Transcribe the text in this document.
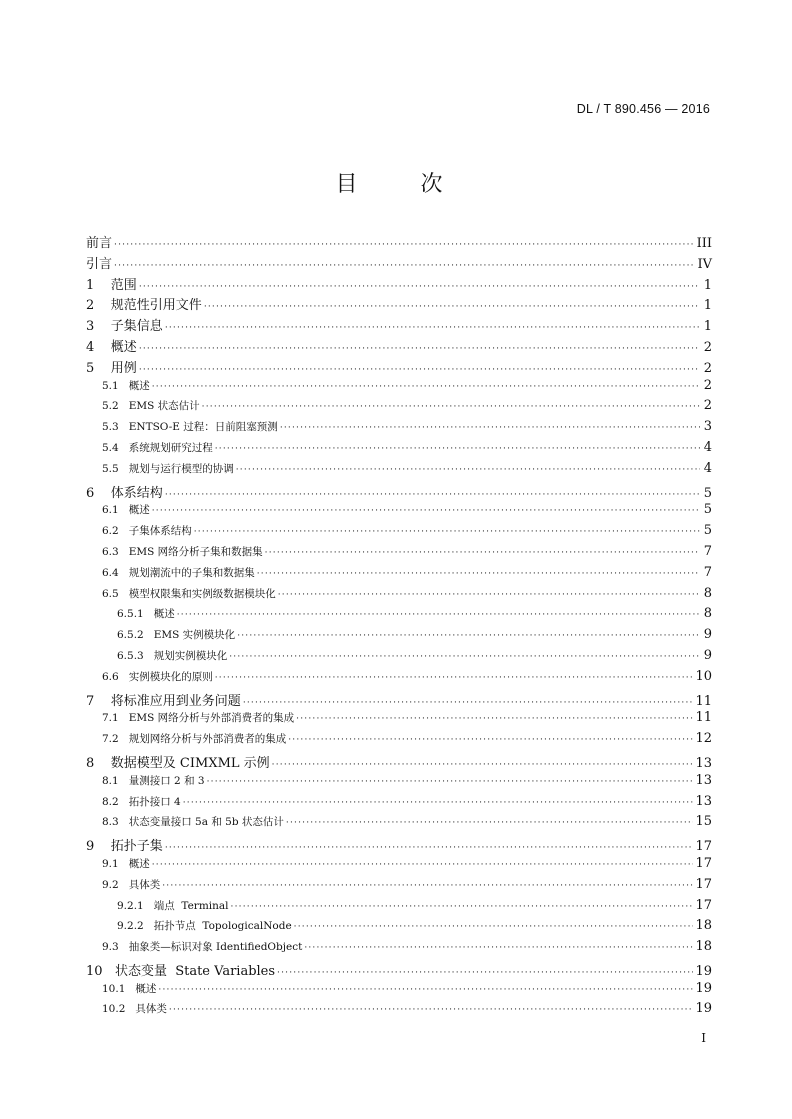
DL / T 890.456 — 2016
目 次
前言 ·····	III
引言 ·····	IV
1    范围 ·····	1
2    规范性引用文件 ·····	1
3    子集信息 ·····	1
4    概述 ·····	2
5    用例 ·····	2
5.1   概述 ·····	2
5.2   EMS 状态估计 ·····	2
5.3   ENTSO-E 过程：日前阻塞预测 ·····	3
5.4   系统规划研究过程 ·····	4
5.5   规划与运行模型的协调 ·····	4
6    体系结构 ·····	5
6.1   概述 ·····	5
6.2   子集体系结构 ·····	5
6.3   EMS 网络分析子集和数据集 ·····	7
6.4   规划潮流中的子集和数据集 ·····	7
6.5   模型权限集和实例级数据模块化 ·····	8
6.5.1   概述 ·····	8
6.5.2   EMS 实例模块化 ·····	9
6.5.3   规划实例模块化 ·····	9
6.6   实例模块化的原则 ·····	10
7    将标准应用到业务问题 ·····	11
7.1   EMS 网络分析与外部消费者的集成 ·····	11
7.2   规划网络分析与外部消费者的集成 ·····	12
8    数据模型及 CIMXML 示例 ·····	13
8.1   量测接口 2 和 3 ·····	13
8.2   拓扑接口 4 ·····	13
8.3   状态变量接口 5a 和 5b 状态估计 ·····	15
9    拓扑子集 ·····	17
9.1   概述 ·····	17
9.2   具体类 ·····	17
9.2.1   端点  Terminal ·····	17
9.2.2   拓扑节点  TopologicalNode ·····	18
9.3   抽象类—标识对象 IdentifiedObject ·····	18
10   状态变量  State Variables ·····	19
10.1   概述 ·····	19
10.2   具体类 ·····	19
I
